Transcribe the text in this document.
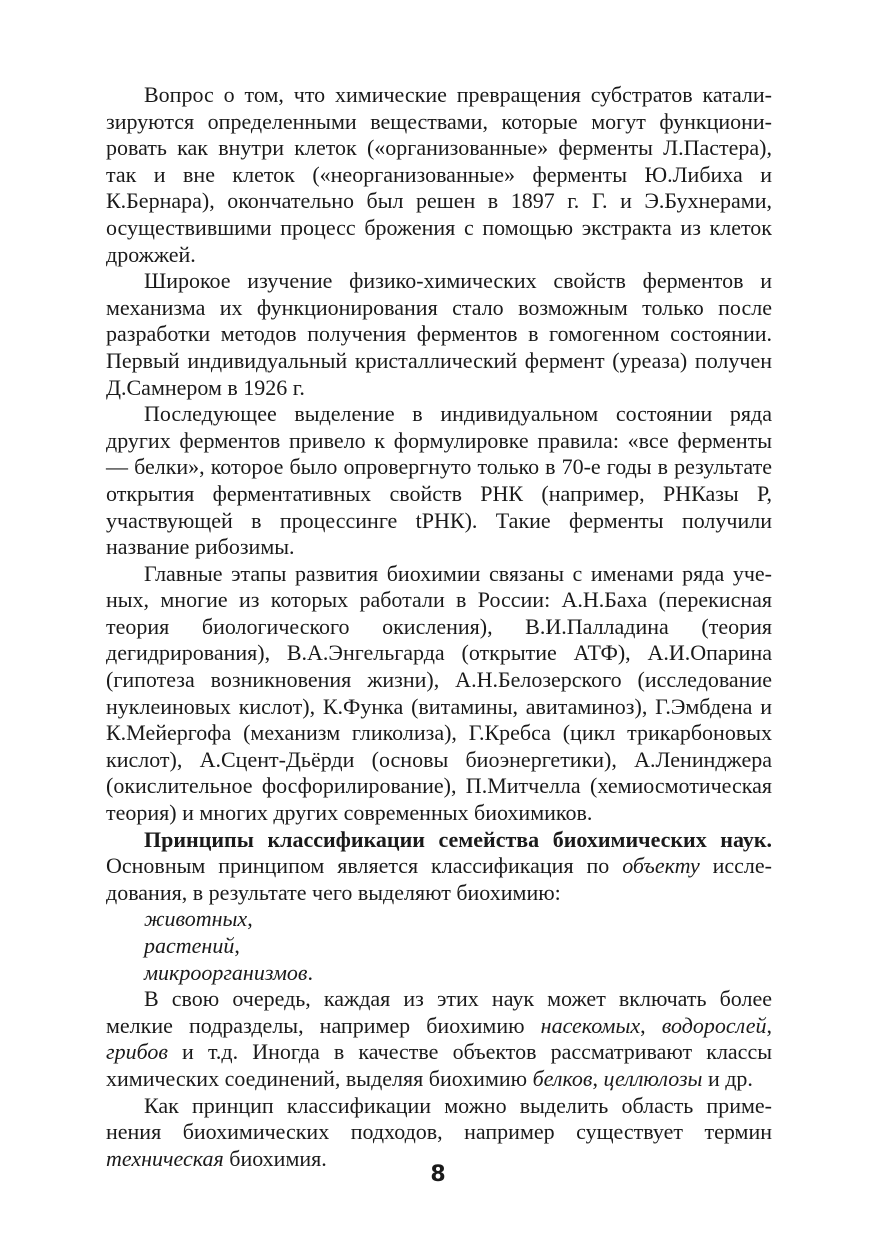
Вопрос о том, что химические превращения субстратов катализируются определенными веществами, которые могут функционировать как внутри клеток («организованные» ферменты Л.Пастера), так и вне клеток («неорганизованные» ферменты Ю.Либиха и К.Бернара), окончательно был решен в 1897 г. Г. и Э.Бухнерами, осуществившими процесс брожения с помощью экстракта из клеток дрожжей.

Широкое изучение физико-химических свойств ферментов и механизма их функционирования стало возможным только после разработки методов получения ферментов в гомогенном состоянии. Первый индивидуальный кристаллический фермент (уреаза) получен Д.Самнером в 1926 г.

Последующее выделение в индивидуальном состоянии ряда других ферментов привело к формулировке правила: «все ферменты — белки», которое было опровергнуто только в 70-е годы в результате открытия ферментативных свойств РНК (например, РНКазы Р, участвующей в процессинге tРНК). Такие ферменты получили название рибозимы.

Главные этапы развития биохимии связаны с именами ряда ученых, многие из которых работали в России: А.Н.Баха (перекисная теория биологического окисления), В.И.Палладина (теория дегидрирования), В.А.Энгельгарда (открытие АТФ), А.И.Опарина (гипотеза возникновения жизни), А.Н.Белозерского (исследование нуклеиновых кислот), К.Функа (витамины, авитаминоз), Г.Эмбдена и К.Мейергофа (механизм гликолиза), Г.Кребса (цикл трикарбоновых кислот), А.Сцент-Дьёрди (основы биоэнергетики), А.Ленинджера (окислительное фосфорилирование), П.Митчелла (хемиосмотическая теория) и многих других современных биохимиков.

Принципы классификации семейства биохимических наук. Основным принципом является классификация по объекту исследования, в результате чего выделяют биохимию:

животных,

растений,

микроорганизмов.

В свою очередь, каждая из этих наук может включать более мелкие подразделы, например биохимию насекомых, водорослей, грибов и т.д. Иногда в качестве объектов рассматривают классы химических соединений, выделяя биохимию белков, целлюлозы и др.

Как принцип классификации можно выделить область применения биохимических подходов, например существует термин техническая биохимия.

8
